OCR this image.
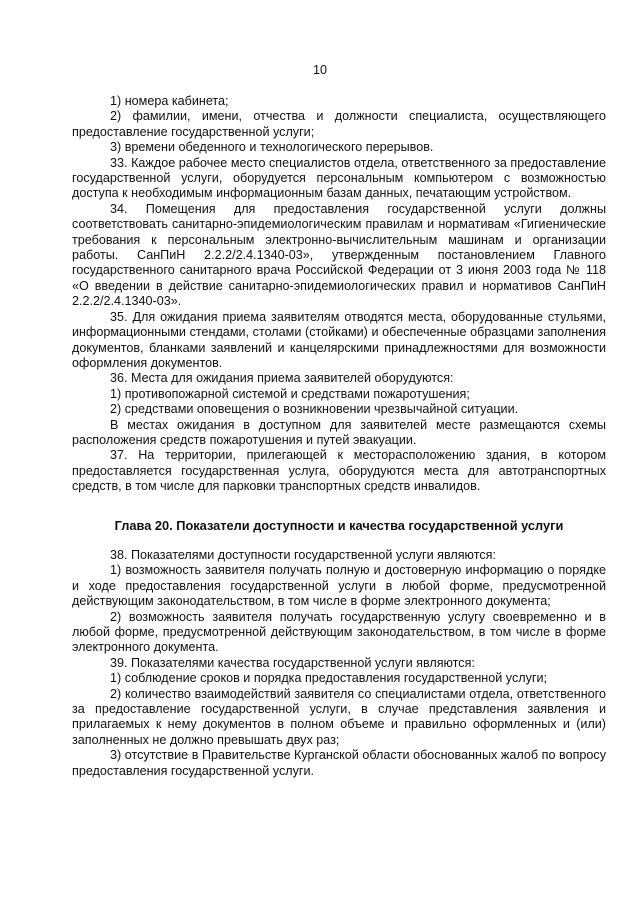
10

1) номера кабинета;

2) фамилии, имени, отчества и должности специалиста, осуществляющего предоставление государственной услуги;

3) времени обеденного и технологического перерывов.

33. Каждое рабочее место специалистов отдела, ответственного за предоставление государственной услуги, оборудуется персональным компьютером с возможностью доступа к необходимым информационным базам данных, печатающим устройством.

34. Помещения для предоставления государственной услуги должны соответствовать санитарно-эпидемиологическим правилам и нормативам «Гигиенические требования к персональным электронно-вычислительным машинам и организации работы. СанПиН 2.2.2/2.4.1340-03», утвержденным постановлением Главного государственного санитарного врача Российской Федерации от 3 июня 2003 года № 118 «О введении в действие санитарно-эпидемиологических правил и нормативов СанПиН 2.2.2/2.4.1340-03».

35. Для ожидания приема заявителям отводятся места, оборудованные стульями, информационными стендами, столами (стойками) и обеспеченные образцами заполнения документов, бланками заявлений и канцелярскими принадлежностями для возможности оформления документов.

36. Места для ожидания приема заявителей оборудуются:

1) противопожарной системой и средствами пожаротушения;

2) средствами оповещения о возникновении чрезвычайной ситуации.

В местах ожидания в доступном для заявителей месте размещаются схемы расположения средств пожаротушения и путей эвакуации.

37. На территории, прилегающей к месторасположению здания, в котором предоставляется государственная услуга, оборудуются места для автотранспортных средств, в том числе для парковки транспортных средств инвалидов.

Глава 20. Показатели доступности и качества государственной услуги

38. Показателями доступности государственной услуги являются:

1) возможность заявителя получать полную и достоверную информацию о порядке и ходе предоставления государственной услуги в любой форме, предусмотренной действующим законодательством, в том числе в форме электронного документа;

2) возможность заявителя получать государственную услугу своевременно и в любой форме, предусмотренной действующим законодательством, в том числе в форме электронного документа.

39. Показателями качества государственной услуги являются:

1) соблюдение сроков и порядка предоставления государственной услуги;

2) количество взаимодействий заявителя со специалистами отдела, ответственного за предоставление государственной услуги, в случае представления заявления и прилагаемых к нему документов в полном объеме и правильно оформленных и (или) заполненных не должно превышать двух раз;

3) отсутствие в Правительстве Курганской области обоснованных жалоб по вопросу предоставления государственной услуги.
